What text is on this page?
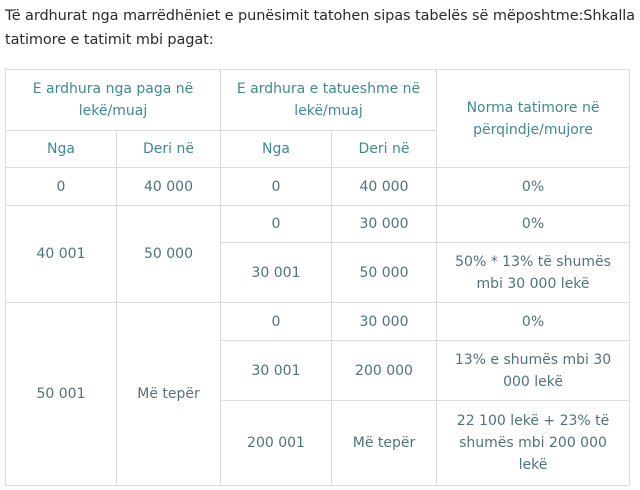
Të ardhurat nga marrëdhëniet e punësimit tatohen sipas tabelës së mëposhtme:Shkalla tatimore e tatimit mbi pagat:

E ardhura nga paga në lekë/muaj		E ardhura e tatueshme në lekë/muaj		Norma tatimore në përqindje/mujore
Nga	Deri në	Nga	Deri në	
0	40 000	0	40 000	0%
40 001	50 000	0	30 000	0%
		30 001	50 000	50% * 13% të shumës mbi 30 000 lekë
50 001	Më tepër	0	30 000	0%
		30 001	200 000	13% e shumës mbi 30 000 lekë
		200 001	Më tepër	22 100 lekë + 23% të shumës mbi 200 000 lekë
